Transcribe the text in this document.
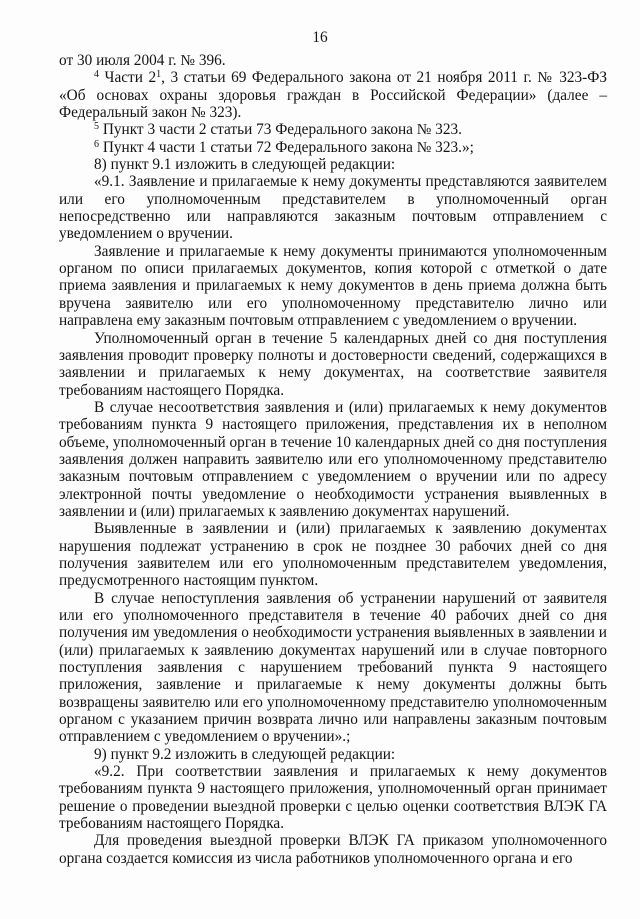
16

от 30 июля 2004 г. № 396.

$^4$ Части $2^1$, 3 статьи 69 Федерального закона от 21 ноября 2011 г. № 323-ФЗ «Об основах охраны здоровья граждан в Российской Федерации» (далее – Федеральный закон № 323).

$^5$ Пункт 3 части 2 статьи 73 Федерального закона № 323.

$^6$ Пункт 4 части 1 статьи 72 Федерального закона № 323.»;

8) пункт 9.1 изложить в следующей редакции:

«9.1. Заявление и прилагаемые к нему документы представляются заявителем или его уполномоченным представителем в уполномоченный орган непосредственно или направляются заказным почтовым отправлением с уведомлением о вручении.

Заявление и прилагаемые к нему документы принимаются уполномоченным органом по описи прилагаемых документов, копия которой с отметкой о дате приема заявления и прилагаемых к нему документов в день приема должна быть вручена заявителю или его уполномоченному представителю лично или направлена ему заказным почтовым отправлением с уведомлением о вручении.

Уполномоченный орган в течение 5 календарных дней со дня поступления заявления проводит проверку полноты и достоверности сведений, содержащихся в заявлении и прилагаемых к нему документах, на соответствие заявителя требованиям настоящего Порядка.

В случае несоответствия заявления и (или) прилагаемых к нему документов требованиям пункта 9 настоящего приложения, представления их в неполном объеме, уполномоченный орган в течение 10 календарных дней со дня поступления заявления должен направить заявителю или его уполномоченному представителю заказным почтовым отправлением с уведомлением о вручении или по адресу электронной почты уведомление о необходимости устранения выявленных в заявлении и (или) прилагаемых к заявлению документах нарушений.

Выявленные в заявлении и (или) прилагаемых к заявлению документах нарушения подлежат устранению в срок не позднее 30 рабочих дней со дня получения заявителем или его уполномоченным представителем уведомления, предусмотренного настоящим пунктом.

В случае непоступления заявления об устранении нарушений от заявителя или его уполномоченного представителя в течение 40 рабочих дней со дня получения им уведомления о необходимости устранения выявленных в заявлении и (или) прилагаемых к заявлению документах нарушений или в случае повторного поступления заявления с нарушением требований пункта 9 настоящего приложения, заявление и прилагаемые к нему документы должны быть возвращены заявителю или его уполномоченному представителю уполномоченным органом с указанием причин возврата лично или направлены заказным почтовым отправлением с уведомлением о вручении».;

9) пункт 9.2 изложить в следующей редакции:

«9.2. При соответствии заявления и прилагаемых к нему документов требованиям пункта 9 настоящего приложения, уполномоченный орган принимает решение о проведении выездной проверки с целью оценки соответствия ВЛЭК ГА требованиям настоящего Порядка.

Для проведения выездной проверки ВЛЭК ГА приказом уполномоченного органа создается комиссия из числа работников уполномоченного органа и его
